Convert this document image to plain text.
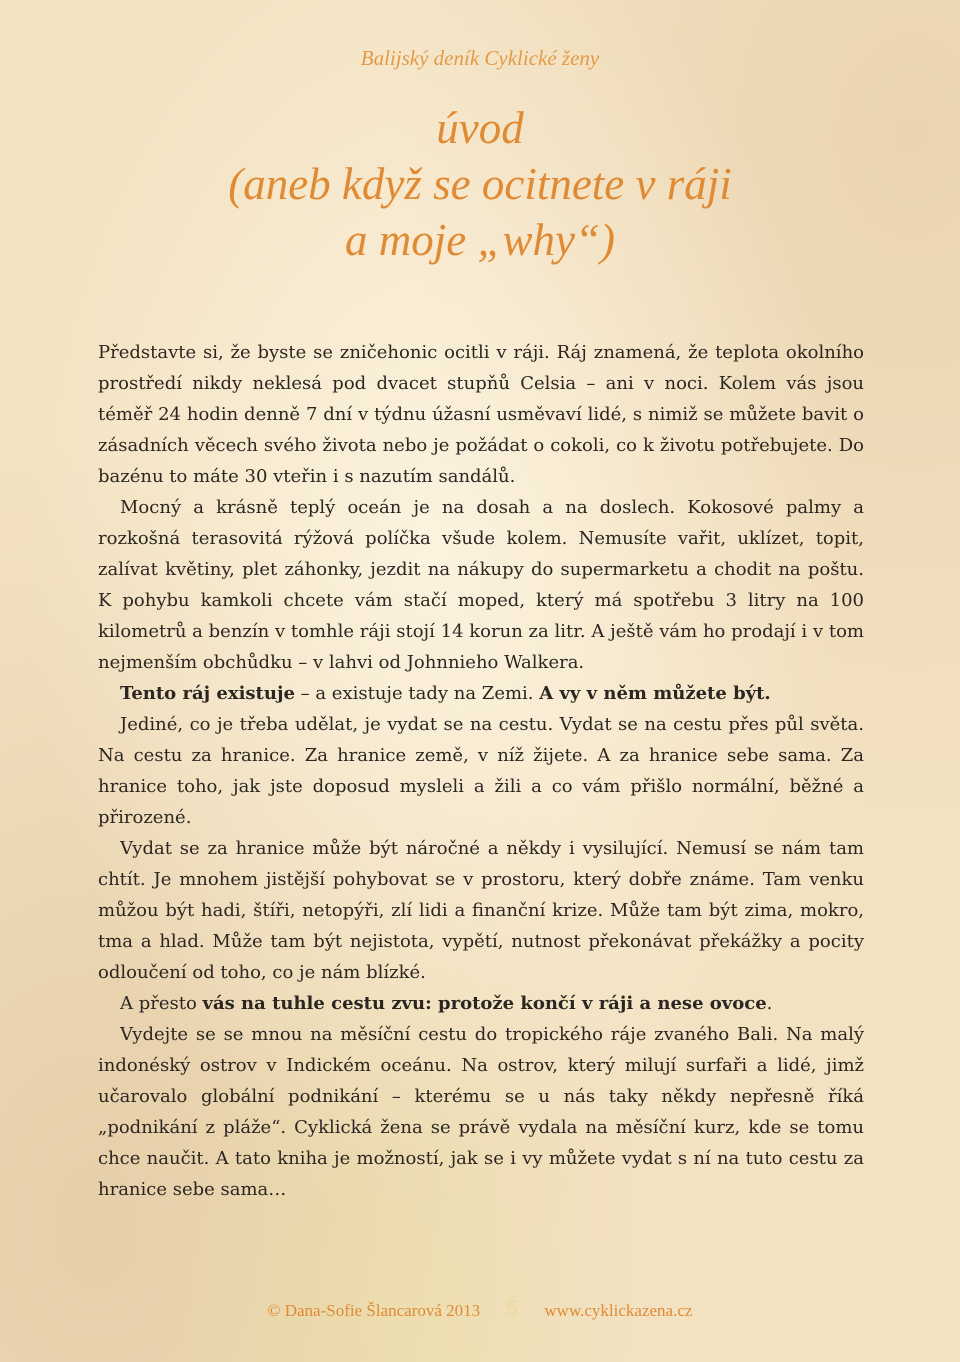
Balijský deník Cyklické ženy
úvod
(aneb když se ocitnete v ráji
a moje „why“)

Představte si, že byste se zničehonic ocitli v ráji. Ráj znamená, že teplota okolního prostředí nikdy neklesá pod dvacet stupňů Celsia – ani v noci. Kolem vás jsou téměř 24 hodin denně 7 dní v týdnu úžasní usměvaví lidé, s nimiž se můžete bavit o zásadních věcech svého života nebo je požádat o cokoli, co k životu potřebujete. Do bazénu to máte 30 vteřin i s nazutím sandálů.

Mocný a krásně teplý oceán je na dosah a na doslech. Kokosové palmy a rozkošná terasovitá rýžová políčka všude kolem. Nemusíte vařit, uklízet, topit, zalívat květiny, plet záhonky, jezdit na nákupy do supermarketu a chodit na poštu. K pohybu kamkoli chcete vám stačí moped, který má spotřebu 3 litry na 100 kilometrů a benzín v tomhle ráji stojí 14 korun za litr. A ještě vám ho prodají i v tom nejmenším obchůdku – v lahvi od Johnnieho Walkera.

Tento ráj existuje – a existuje tady na Zemi. A vy v něm můžete být.

Jediné, co je třeba udělat, je vydat se na cestu. Vydat se na cestu přes půl světa. Na cestu za hranice. Za hranice země, v níž žijete. A za hranice sebe sama. Za hranice toho, jak jste doposud mysleli a žili a co vám přišlo normální, běžné a přirozené.

Vydat se za hranice může být náročné a někdy i vysilující. Nemusí se nám tam chtít. Je mnohem jistější pohybovat se v prostoru, který dobře známe. Tam venku můžou být hadi, štíři, netopýři, zlí lidi a finanční krize. Může tam být zima, mokro, tma a hlad. Může tam být nejistota, vypětí, nutnost překonávat překážky a pocity odloučení od toho, co je nám blízké.

A přesto vás na tuhle cestu zvu: protože končí v ráji a nese ovoce.

Vydejte se se mnou na měsíční cestu do tropického ráje zvaného Bali. Na malý indonéský ostrov v Indickém oceánu. Na ostrov, který milují surfaři a lidé, jimž učarovalo globální podnikání – kterému se u nás taky někdy nepřesně říká „podnikání z pláže“. Cyklická žena se právě vydala na měsíční kurz, kde se tomu chce naučit. A tato kniha je možností, jak se i vy můžete vydat s ní na tuto cestu za hranice sebe sama…

© Dana-Sofie Šlancarová 2013 5 www.cyklickazena.cz
